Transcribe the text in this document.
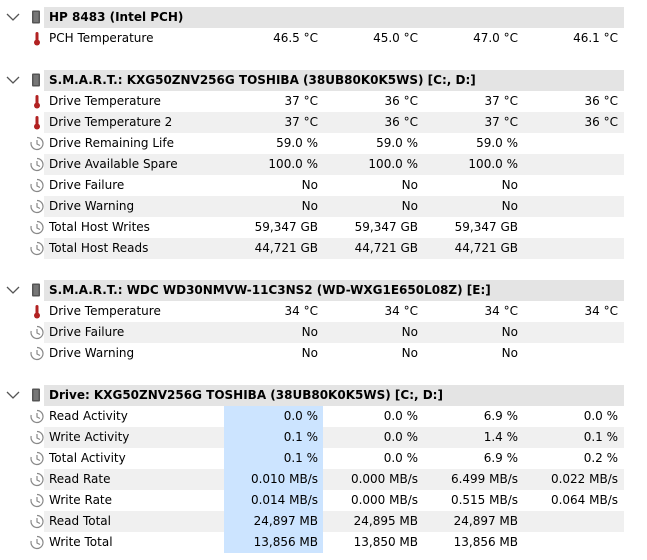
HP 8483 (Intel PCH)
PCH Temperature	46.5 °C	45.0 °C	47.0 °C	46.1 °C
S.M.A.R.T.: KXG50ZNV256G TOSHIBA (38UB80K0K5WS) [C:, D:]
Drive Temperature	37 °C	36 °C	37 °C	36 °C
Drive Temperature 2	37 °C	36 °C	37 °C	36 °C
Drive Remaining Life	59.0 %	59.0 %	59.0 %
Drive Available Spare	100.0 %	100.0 %	100.0 %
Drive Failure	No	No	No
Drive Warning	No	No	No
Total Host Writes	59,347 GB	59,347 GB	59,347 GB
Total Host Reads	44,721 GB	44,721 GB	44,721 GB
S.M.A.R.T.: WDC WD30NMVW-11C3NS2 (WD-WXG1E650L08Z) [E:]
Drive Temperature	34 °C	34 °C	34 °C	34 °C
Drive Failure	No	No	No
Drive Warning	No	No	No
Drive: KXG50ZNV256G TOSHIBA (38UB80K0K5WS) [C:, D:]
Read Activity	0.0 %	0.0 %	6.9 %	0.0 %
Write Activity	0.1 %	0.0 %	1.4 %	0.1 %
Total Activity	0.1 %	0.0 %	6.9 %	0.2 %
Read Rate	0.010 MB/s	0.000 MB/s	6.499 MB/s	0.022 MB/s
Write Rate	0.014 MB/s	0.000 MB/s	0.515 MB/s	0.064 MB/s
Read Total	24,897 MB	24,895 MB	24,897 MB
Write Total	13,856 MB	13,850 MB	13,856 MB
